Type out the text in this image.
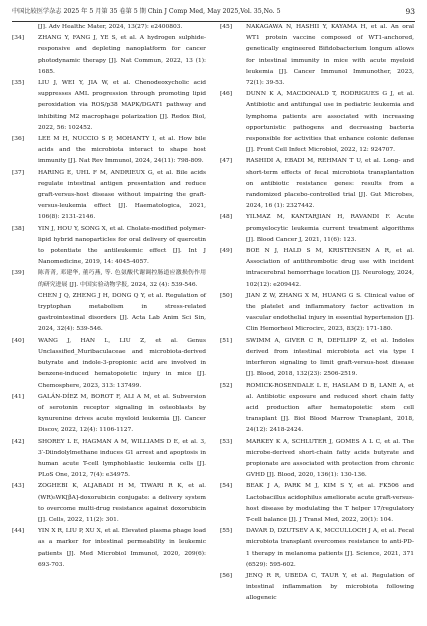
中国比较医学杂志 2025 年 5 月第 35 卷第 5 期 Chin J Comp Med, May 2025,Vol. 35,No. 5	93
[J]. Adv Healthc Mater, 2024, 13(27): e2400803.
[34] ZHANG Y, FANG J, YE S, et al. A hydrogen sulphide-responsive and depleting nanoplatform for cancer photodynamic therapy [J]. Nat Commun, 2022, 13 (1): 1685.
[35] LIU J, WEI Y, JIA W, et al. Chenodeoxycholic acid suppresses AML progression through promoting lipid peroxidation via ROS/p38 MAPK/DGAT1 pathway and inhibiting M2 macrophage polarization [J]. Redox Biol, 2022, 56: 102452.
[36] LEE M H, NUCCIO S P, MOHANTY I, et al. How bile acids and the microbiota interact to shape host immunity [J]. Nat Rev Immunol, 2024, 24(11): 798-809.
[37] HARING E, UHL F M, ANDRIEUX G, et al. Bile acids regulate intestinal antigen presentation and reduce graft-versus-host disease without impairing the graft-versus-leukemia effect [J]. Haematologica, 2021, 106(8): 2131-2146.
[38] YIN J, HOU Y, SONG X, et al. Cholate-modified polymer-lipid hybrid nanoparticles for oral delivery of quercetin to potentiate the antileukemic effect [J]. Int J Nanomedicine, 2019, 14: 4045-4057.
[39] 陈菁菁, 邓建华, 董巧燕, 等. 色氨酸代谢调控肠道应激损伤作用的研究进展 [J]. 中国实验动物学报, 2024, 32 (4): 539-546.
CHEN J Q, ZHENG J H, DONG Q Y, et al. Regulation of tryptophan metabolism in stress-related gastrointestinal disorders [J]. Acta Lab Anim Sci Sin, 2024, 32(4): 539-546.
[40] WANG J, HAN L, LIU Z, et al. Genus Unclassified_Muribaculaceae and microbiota-derived butyrate and indole-3-propionic acid are involved in benzene-induced hematopoietic injury in mice [J]. Chemosphere, 2023, 313: 137499.
[41] GALÁN-DÍEZ M, BOROT F, ALI A M, et al. Subversion of serotonin receptor signaling in osteoblasts by kynurenine drives acute myeloid leukemia [J]. Cancer Discov, 2022, 12(4): 1106-1127.
[42] SHOREY L E, HAGMAN A M, WILLIAMS D E, et al. 3, 3′-Diindolylmethane induces G1 arrest and apoptosis in human acute T-cell lymphoblastic leukemia cells [J]. PLoS One, 2012, 7(4): e34975.
[43] ZOGHEBI K, ALJABADI H M, TIWARI R K, et al. (WR)₅WK[βA]-doxorubicin conjugate: a delivery system to overcome multi-drug resistance against doxorubicin [J]. Cells, 2022, 11(2): 301.
[44] YIN X R, LIU P, XU X, et al. Elevated plasma phage load as a marker for intestinal permeability in leukemic patients [J]. Med Microbiol Immunol, 2020, 209(6): 693-703.
[45] NAKAGAWA N, HASHII Y, KAYAMA H, et al. An oral WT1 protein vaccine composed of WT1-anchored, genetically engineered Bifidobacterium longum allows for intestinal immunity in mice with acute myeloid leukemia [J]. Cancer Immunol Immunother, 2023, 72(1): 39-53.
[46] DUNN K A, MACDONALD T, RODRIGUES G J, et al. Antibiotic and antifungal use in pediatric leukemia and lymphoma patients are associated with increasing opportunistic pathogens and decreasing bacteria responsible for activities that enhance colonic defense [J]. Front Cell Infect Microbiol, 2022, 12: 924707.
[47] RASHIDI A, EBADI M, REHMAN T U, et al. Long- and short-term effects of fecal microbiota transplantation on antibiotic resistance genes: results from a randomized placebo-controlled trial [J]. Gut Microbes, 2024, 16 (1): 2327442.
[48] YILMAZ M, KANTARJIAN H, RAVANDI F. Acute promyelocytic leukemia current treatment algorithms [J]. Blood Cancer J, 2021, 11(6): 123.
[49] BOE N J, HALD S M, KRISTENSEN A R, et al. Association of antithrombotic drug use with incident intracerebral hemorrhage location [J]. Neurology, 2024, 102(12): e209442.
[50] JIAN Z W, ZHANG X M, HUANG G S. Clinical value of the platelet and inflammatory factor activation in vascular endothelial injury in essential hypertension [J]. Clin Hemorheol Microcirc, 2023, 83(2): 171-180.
[51] SWIMM A, GIVER C R, DEFILIPP Z, et al. Indoles derived from intestinal microbiota act via type I interferon signaling to limit graft-versus-host disease [J]. Blood, 2018, 132(23): 2506-2519.
[52] ROMICK-ROSENDALE L E, HASLAM D B, LANE A, et al. Antibiotic exposure and reduced short chain fatty acid production after hematopoietic stem cell transplant [J]. Biol Blood Marrow Transplant, 2018, 24(12): 2418-2424.
[53] MARKEY K A, SCHLUTER J, GOMES A L C, et al. The microbe-derived short-chain fatty acids butyrate and propionate are associated with protection from chronic GVHD [J]. Blood, 2020, 136(1): 130-136.
[54] BEAK J A, PARK M J, KIM S Y, et al. FK506 and Lactobacillus acidophilus ameliorate acute graft-versus-host disease by modulating the T helper 17/regulatory T-cell balance [J]. J Transl Med, 2022, 20(1): 104.
[55] DAVAR D, DZUTSEV A K, MCCULLOCH J A, et al. Fecal microbiota transplant overcomes resistance to anti-PD-1 therapy in melanoma patients [J]. Science, 2021, 371 (6529): 595-602.
[56] JENQ R R, UBEDA C, TAUR Y, et al. Regulation of intestinal inflammation by microbiota following allogeneic
